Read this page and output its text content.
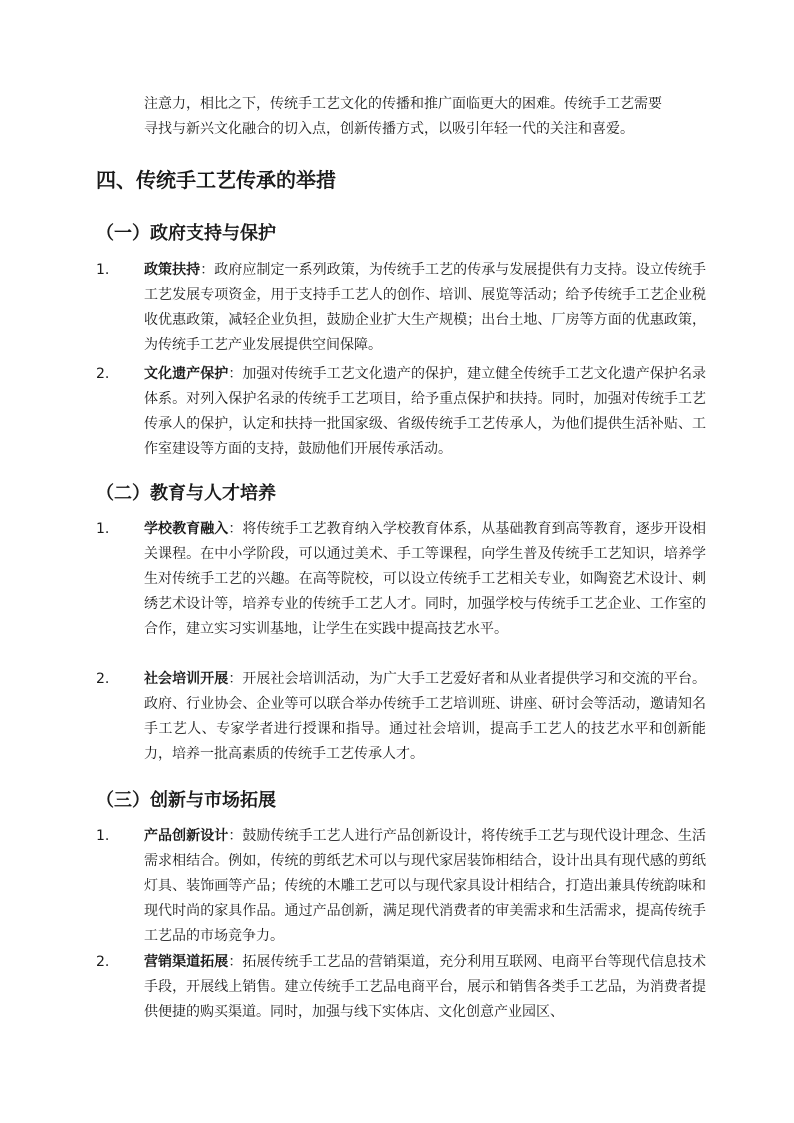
注意力，相比之下，传统手工艺文化的传播和推广面临更大的困难。传统手工艺需要
寻找与新兴文化融合的切入点，创新传播方式，以吸引年轻一代的关注和喜爱。
四、传统手工艺传承的举措
（一）政府支持与保护
1.	政策扶持：政府应制定一系列政策，为传统手工艺的传承与发展提供有力支持。设立传统手工艺发展专项资金，用于支持手工艺人的创作、培训、展览等活动；给予传统手工艺企业税收优惠政策，减轻企业负担，鼓励企业扩大生产规模；出台土地、厂房等方面的优惠政策，为传统手工艺产业发展提供空间保障。
2.	文化遗产保护：加强对传统手工艺文化遗产的保护，建立健全传统手工艺文化遗产保护名录体系。对列入保护名录的传统手工艺项目，给予重点保护和扶持。同时，加强对传统手工艺传承人的保护，认定和扶持一批国家级、省级传统手工艺传承人，为他们提供生活补贴、工作室建设等方面的支持，鼓励他们开展传承活动。
（二）教育与人才培养
1.	学校教育融入：将传统手工艺教育纳入学校教育体系，从基础教育到高等教育，逐步开设相关课程。在中小学阶段，可以通过美术、手工等课程，向学生普及传统手工艺知识，培养学生对传统手工艺的兴趣。在高等院校，可以设立传统手工艺相关专业，如陶瓷艺术设计、刺绣艺术设计等，培养专业的传统手工艺人才。同时，加强学校与传统手工艺企业、工作室的合作，建立实习实训基地，让学生在实践中提高技艺水平。
2.	社会培训开展：开展社会培训活动，为广大手工艺爱好者和从业者提供学习和交流的平台。政府、行业协会、企业等可以联合举办传统手工艺培训班、讲座、研讨会等活动，邀请知名手工艺人、专家学者进行授课和指导。通过社会培训，提高手工艺人的技艺水平和创新能力，培养一批高素质的传统手工艺传承人才。
（三）创新与市场拓展
1.	产品创新设计：鼓励传统手工艺人进行产品创新设计，将传统手工艺与现代设计理念、生活需求相结合。例如，传统的剪纸艺术可以与现代家居装饰相结合，设计出具有现代感的剪纸灯具、装饰画等产品；传统的木雕工艺可以与现代家具设计相结合，打造出兼具传统韵味和现代时尚的家具作品。通过产品创新，满足现代消费者的审美需求和生活需求，提高传统手工艺品的市场竞争力。
2.	营销渠道拓展：拓展传统手工艺品的营销渠道，充分利用互联网、电商平台等现代信息技术手段，开展线上销售。建立传统手工艺品电商平台，展示和销售各类手工艺品，为消费者提供便捷的购买渠道。同时，加强与线下实体店、文化创意产业园区、
